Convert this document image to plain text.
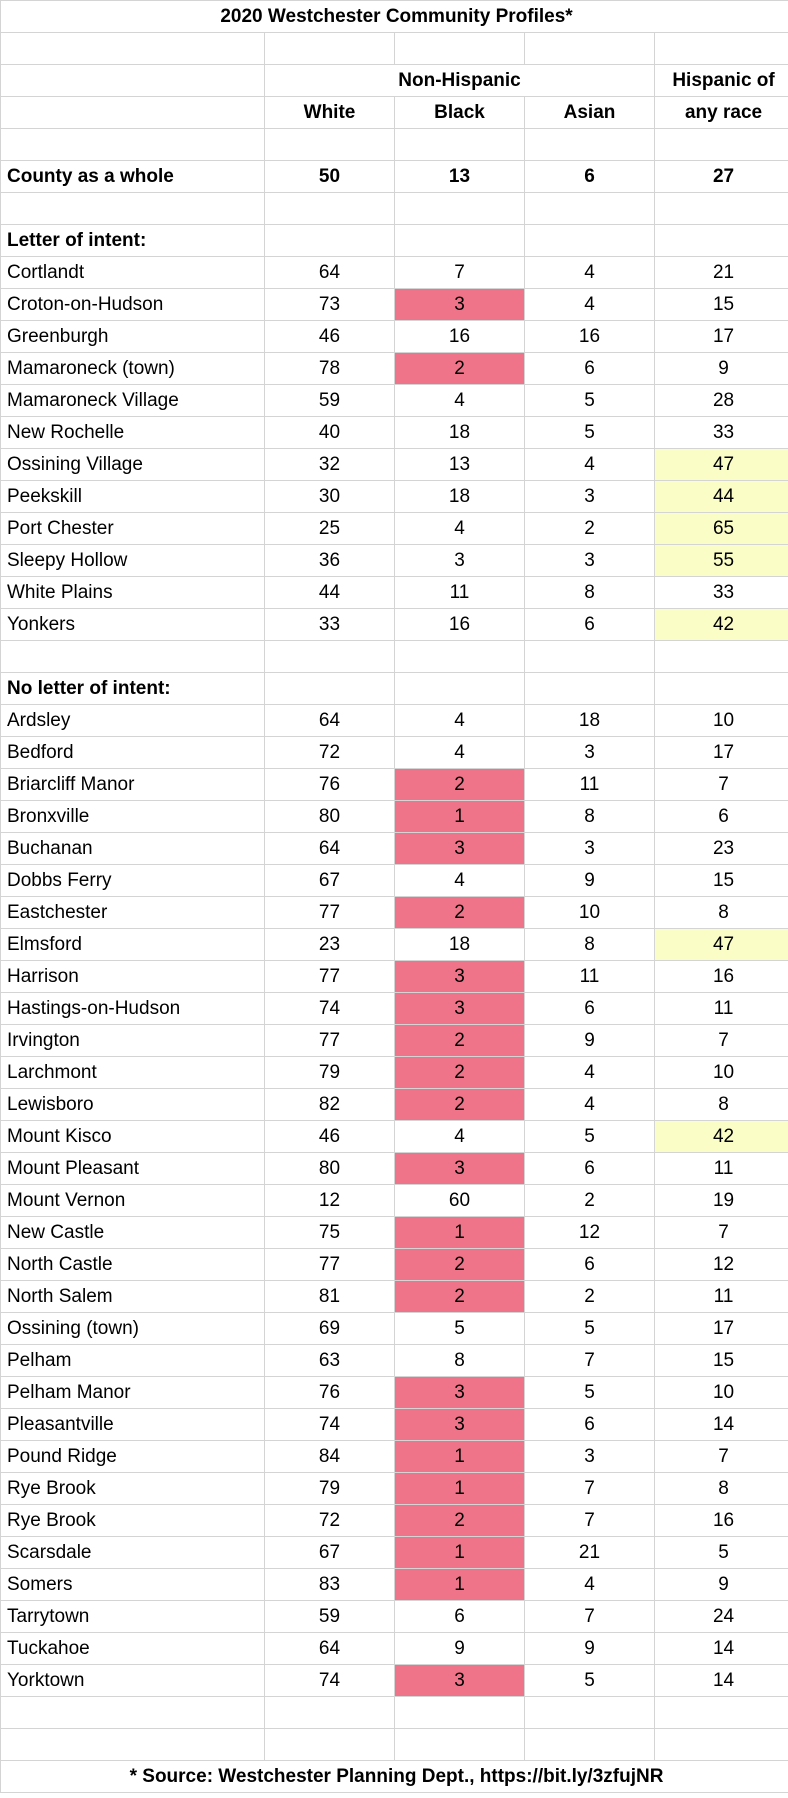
2020 Westchester Community Profiles*				

	Non-Hispanic			Hispanic of
	White	Black	Asian	any race

County as a whole	50	13	6	27

Letter of intent:				
Cortlandt	64	7	4	21
Croton-on-Hudson	73	3	4	15
Greenburgh	46	16	16	17
Mamaroneck (town)	78	2	6	9
Mamaroneck Village	59	4	5	28
New Rochelle	40	18	5	33
Ossining Village	32	13	4	47
Peekskill	30	18	3	44
Port Chester	25	4	2	65
Sleepy Hollow	36	3	3	55
White Plains	44	11	8	33
Yonkers	33	16	6	42

No letter of intent:				
Ardsley	64	4	18	10
Bedford	72	4	3	17
Briarcliff Manor	76	2	11	7
Bronxville	80	1	8	6
Buchanan	64	3	3	23
Dobbs Ferry	67	4	9	15
Eastchester	77	2	10	8
Elmsford	23	18	8	47
Harrison	77	3	11	16
Hastings-on-Hudson	74	3	6	11
Irvington	77	2	9	7
Larchmont	79	2	4	10
Lewisboro	82	2	4	8
Mount Kisco	46	4	5	42
Mount Pleasant	80	3	6	11
Mount Vernon	12	60	2	19
New Castle	75	1	12	7
North Castle	77	2	6	12
North Salem	81	2	2	11
Ossining (town)	69	5	5	17
Pelham	63	8	7	15
Pelham Manor	76	3	5	10
Pleasantville	74	3	6	14
Pound Ridge	84	1	3	7
Rye Brook	79	1	7	8
Rye Brook	72	2	7	16
Scarsdale	67	1	21	5
Somers	83	1	4	9
Tarrytown	59	6	7	24
Tuckahoe	64	9	9	14
Yorktown	74	3	5	14

* Source: Westchester Planning Dept., https://bit.ly/3zfujNR				
